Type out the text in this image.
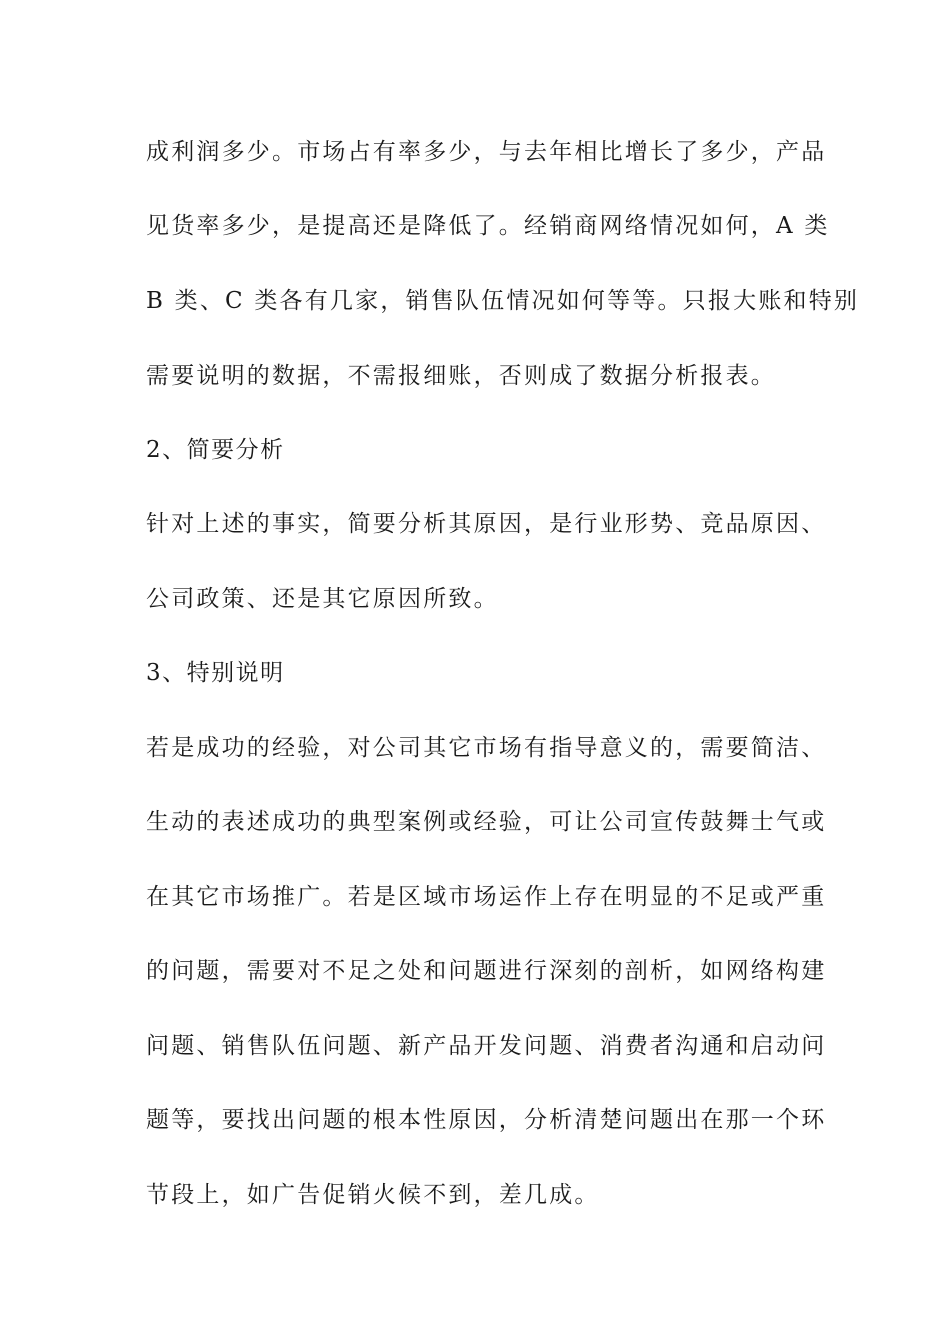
成利润多少。市场占有率多少，与去年相比增长了多少，产品

见货率多少，是提高还是降低了。经销商网络情况如何，A 类

B 类、C 类各有几家，销售队伍情况如何等等。只报大账和特别

需要说明的数据，不需报细账，否则成了数据分析报表。

2、简要分析

针对上述的事实，简要分析其原因，是行业形势、竞品原因、

公司政策、还是其它原因所致。

3、特别说明

若是成功的经验，对公司其它市场有指导意义的，需要简洁、

生动的表述成功的典型案例或经验，可让公司宣传鼓舞士气或

在其它市场推广。若是区域市场运作上存在明显的不足或严重

的问题，需要对不足之处和问题进行深刻的剖析，如网络构建

问题、销售队伍问题、新产品开发问题、消费者沟通和启动问

题等，要找出问题的根本性原因，分析清楚问题出在那一个环

节段上，如广告促销火候不到，差几成。
